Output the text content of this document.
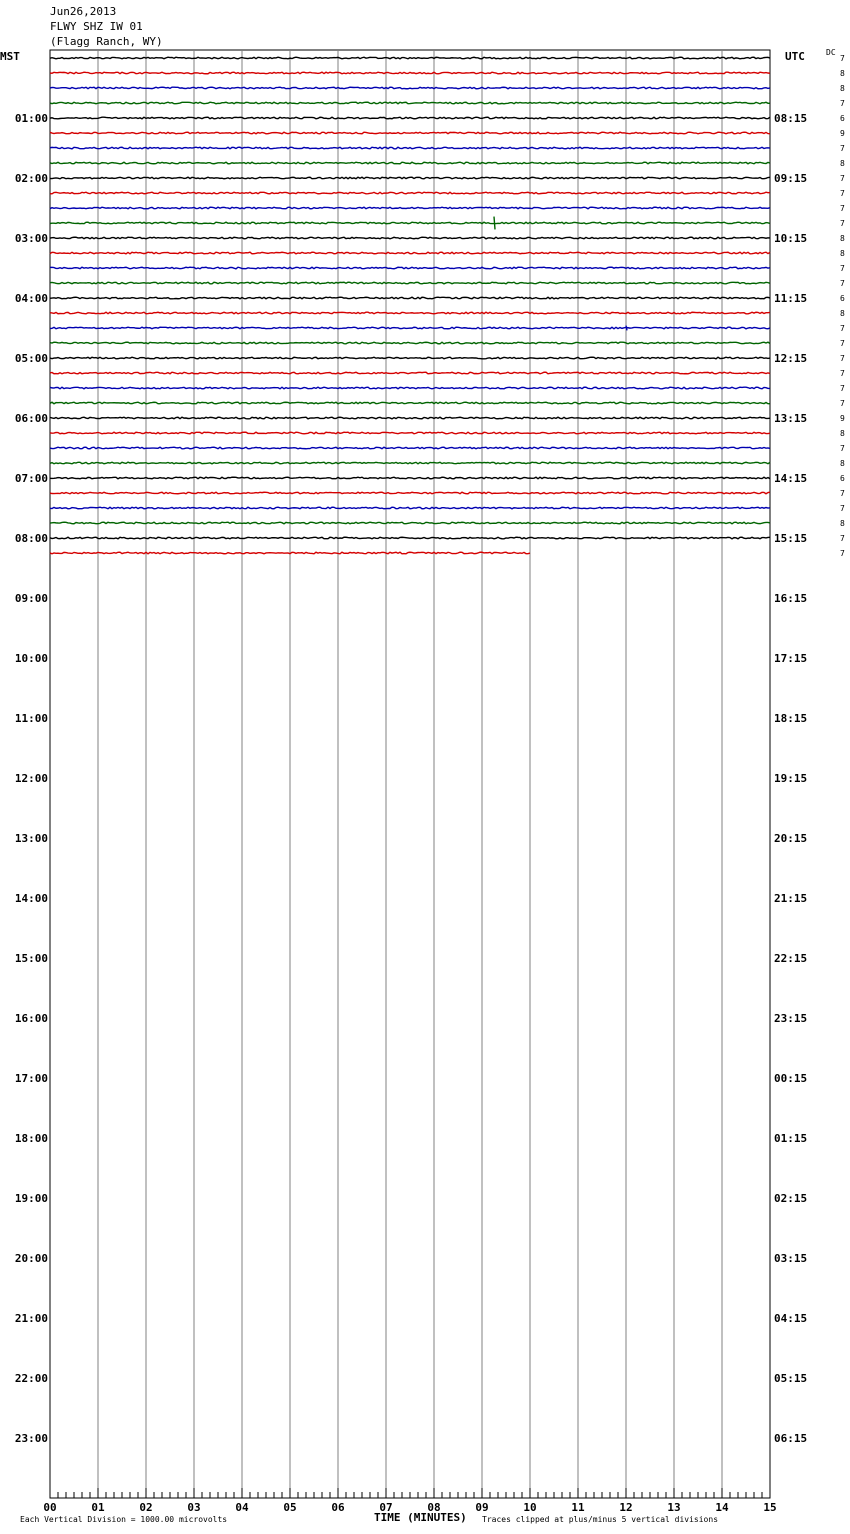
Jun26,2013
FLWY SHZ IW 01
(Flagg Ranch, WY)
MST	UTC	DC
7
8
8
7
6
9
7
8
7
7
7
7
8
8
7
7
6
8
7
7
7
7
7
7
9
8
7
8
6
7
7
8
7
7
01:00
02:00
03:00
04:00
05:00
06:00
07:00
08:00
09:00
10:00
11:00
12:00
13:00
14:00
15:00
16:00
17:00
18:00
19:00
20:00
21:00
22:00
23:00
08:15
09:15
10:15
11:15
12:15
13:15
14:15
15:15
16:15
17:15
18:15
19:15
20:15
21:15
22:15
23:15
00:15
01:15
02:15
03:15
04:15
05:15
06:15
00	01	02	03	04	05	06	07	08	09	10	11	12	13	14	15
Each Vertical Division = 1000.00 microvolts	TIME (MINUTES) Traces clipped at plus/minus 5 vertical divisions
